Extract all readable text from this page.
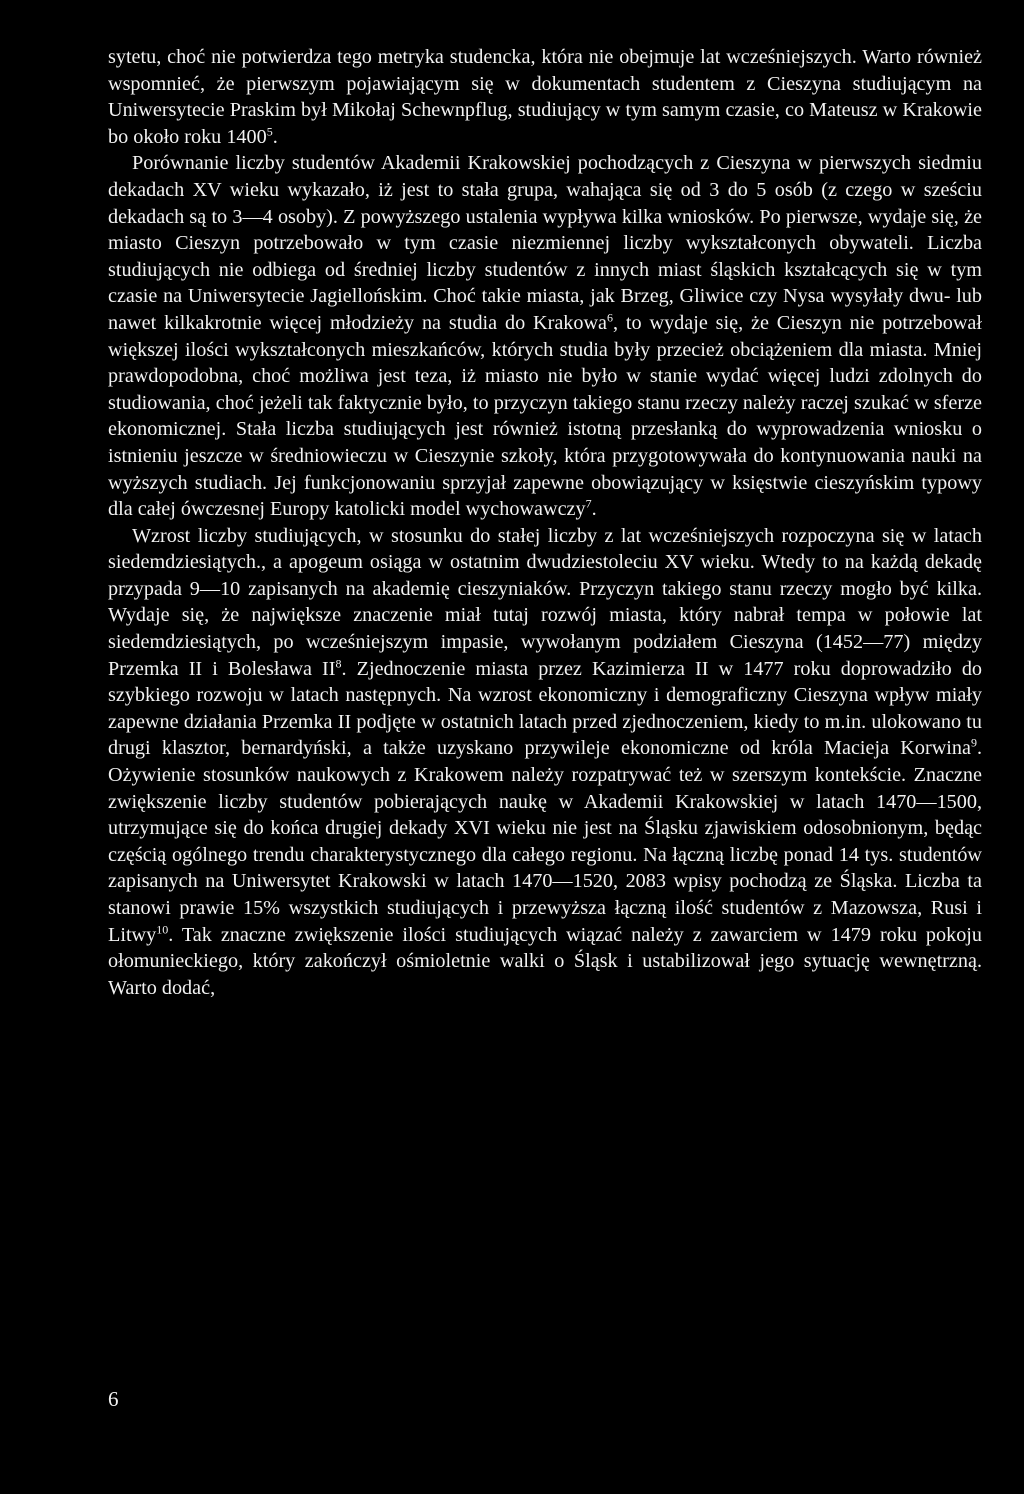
sytetu, choć nie potwierdza tego metryka studencka, która nie obejmuje lat wcześniejszych. Warto również wspomnieć, że pierwszym pojawiającym się w dokumentach studentem z Cieszyna studiującym na Uniwersytecie Praskim był Mikołaj Schewnpflug, studiujący w tym samym czasie, co Mateusz w Krakowie bo około roku 1400$^5$.

Porównanie liczby studentów Akademii Krakowskiej pochodzących z Cieszyna w pierwszych siedmiu dekadach XV wieku wykazało, iż jest to stała grupa, wahająca się od 3 do 5 osób (z czego w sześciu dekadach są to 3—4 osoby). Z powyższego ustalenia wypływa kilka wniosków. Po pierwsze, wydaje się, że miasto Cieszyn potrzebowało w tym czasie niezmiennej liczby wykształconych obywateli. Liczba studiujących nie odbiega od średniej liczby studentów z innych miast śląskich kształcących się w tym czasie na Uniwersytecie Jagiellońskim. Choć takie miasta, jak Brzeg, Gliwice czy Nysa wysyłały dwu- lub nawet kilkakrotnie więcej młodzieży na studia do Krakowa$^6$, to wydaje się, że Cieszyn nie potrzebował większej ilości wykształconych mieszkańców, których studia były przecież obciążeniem dla miasta. Mniej prawdopodobna, choć możliwa jest teza, iż miasto nie było w stanie wydać więcej ludzi zdolnych do studiowania, choć jeżeli tak faktycznie było, to przyczyn takiego stanu rzeczy należy raczej szukać w sferze ekonomicznej. Stała liczba studiujących jest również istotną przesłanką do wyprowadzenia wniosku o istnieniu jeszcze w średniowieczu w Cieszynie szkoły, która przygotowywała do kontynuowania nauki na wyższych studiach. Jej funkcjonowaniu sprzyjał zapewne obowiązujący w księstwie cieszyńskim typowy dla całej ówczesnej Europy katolicki model wychowawczy$^7$.

Wzrost liczby studiujących, w stosunku do stałej liczby z lat wcześniejszych rozpoczyna się w latach siedemdziesiątych., a apogeum osiąga w ostatnim dwudziestoleciu XV wieku. Wtedy to na każdą dekadę przypada 9—10 zapisanych na akademię cieszyniaków. Przyczyn takiego stanu rzeczy mogło być kilka. Wydaje się, że największe znaczenie miał tutaj rozwój miasta, który nabrał tempa w połowie lat siedemdziesiątych, po wcześniejszym impasie, wywołanym podziałem Cieszyna (1452—77) między Przemka II i Bolesława $II^8$. Zjednoczenie miasta przez Kazimierza II w 1477 roku doprowadziło do szybkiego rozwoju w latach następnych. Na wzrost ekonomiczny i demograficzny Cieszyna wpływ miały zapewne działania Przemka II podjęte w ostatnich latach przed zjednoczeniem, kiedy to m.in. ulokowano tu drugi klasztor, bernardyński, a także uzyskano przywileje ekonomiczne od króla Macieja Korwina$^9$. Ożywienie stosunków naukowych z Krakowem należy rozpatrywać też w szerszym kontekście. Znaczne zwiększenie liczby studentów pobierających naukę w Akademii Krakowskiej w latach 1470—1500, utrzymujące się do końca drugiej dekady XVI wieku nie jest na Śląsku zjawiskiem odosobnionym, będąc częścią ogólnego trendu charakterystycznego dla całego regionu. Na łączną liczbę ponad 14 tys. studentów zapisanych na Uniwersytet Krakowski w latach 1470—1520, 2083 wpisy pochodzą ze Śląska. Liczba ta stanowi prawie 15% wszystkich studiujących i przewyższa łączną ilość studentów z Mazowsza, Rusi i Litwy$^{10}$. Tak znaczne zwiększenie ilości studiujących wiązać należy z zawarciem w 1479 roku pokoju ołomunieckiego, który zakończył ośmioletnie walki o Śląsk i ustabilizował jego sytuację wewnętrzną. Warto dodać,

6
